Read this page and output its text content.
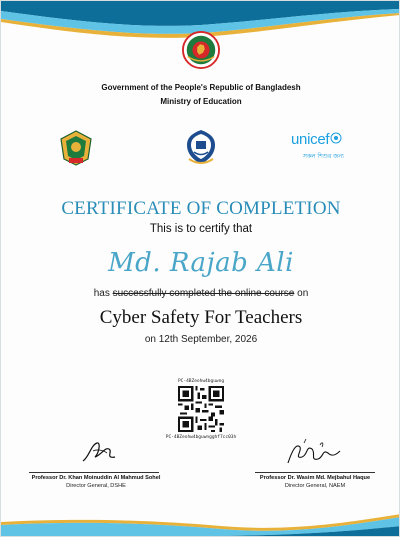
Government of the People's Republic of Bangladesh
Ministry of Education
unicef
সকল শিশুর জন্য
CERTIFICATE OF COMPLETION
This is to certify that
Md. Rajab Ali
has successfully completed the online course on
Cyber Safety For Teachers
on 12th September, 2026
PC-4BZeohw4bguwng
PC-4BZeohw4bguwngghf7cc03h
Professor Dr. Khan Moinuddin Al Mahmud Sohel
Director General, DSHE
Professor Dr. Wasim Md. Mejbahul Haque
Director General, NAEM
